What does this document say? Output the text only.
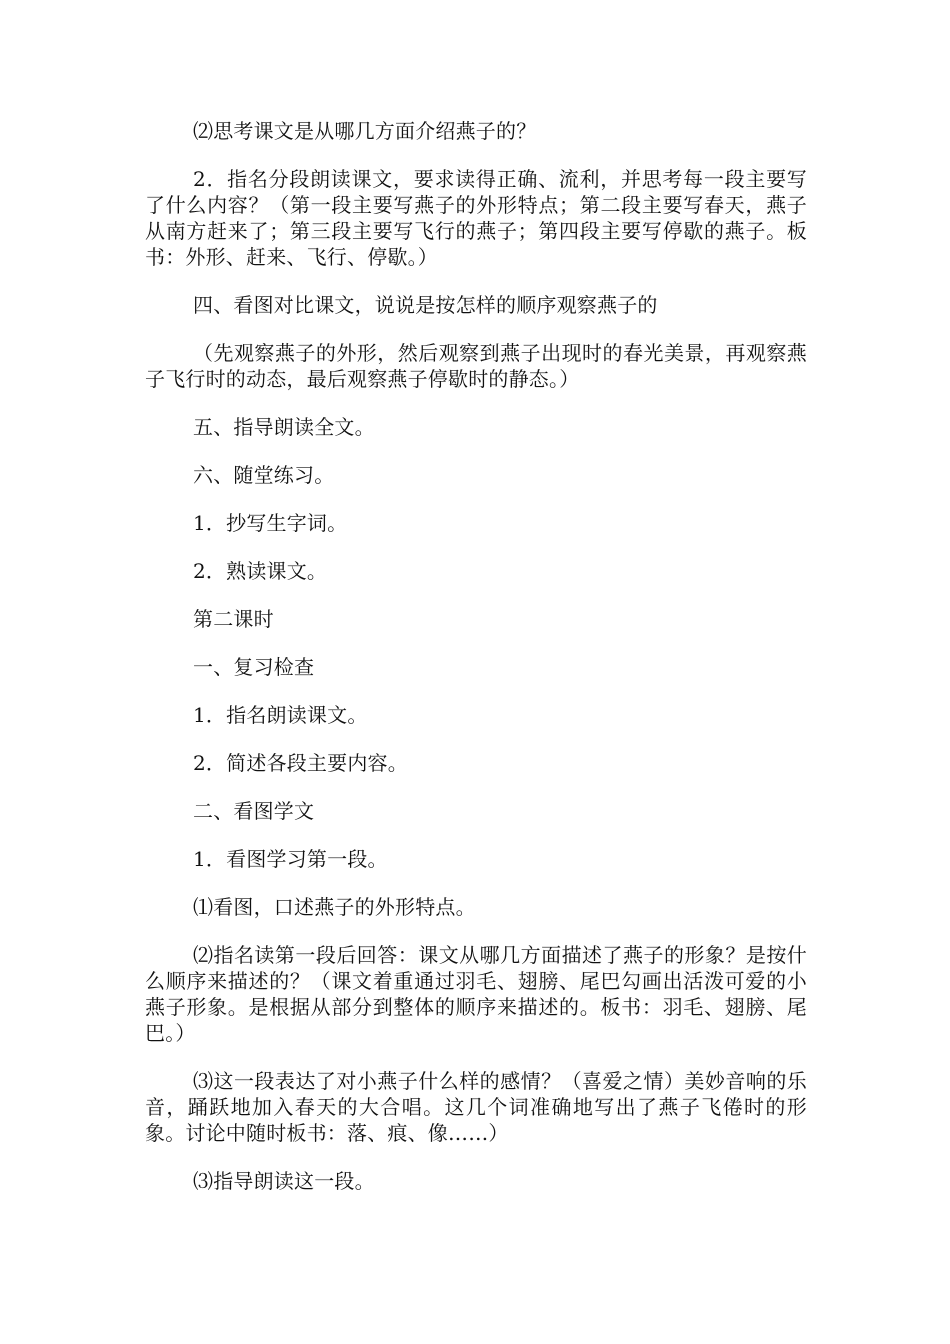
⑵思考课文是从哪几方面介绍燕子的？

2．指名分段朗读课文，要求读得正确、流利，并思考每一段主要写了什么内容？（第一段主要写燕子的外形特点；第二段主要写春天，燕子从南方赶来了；第三段主要写飞行的燕子；第四段主要写停歇的燕子。板书：外形、赶来、飞行、停歇。）

四、看图对比课文，说说是按怎样的顺序观察燕子的

（先观察燕子的外形，然后观察到燕子出现时的春光美景，再观察燕子飞行时的动态，最后观察燕子停歇时的静态。）

五、指导朗读全文。

六、随堂练习。

1．抄写生字词。

2．熟读课文。

第二课时

一、复习检查

1．指名朗读课文。

2．简述各段主要内容。

二、看图学文

1．看图学习第一段。

⑴看图，口述燕子的外形特点。

⑵指名读第一段后回答：课文从哪几方面描述了燕子的形象？是按什么顺序来描述的？（课文着重通过羽毛、翅膀、尾巴勾画出活泼可爱的小燕子形象。是根据从部分到整体的顺序来描述的。板书：羽毛、翅膀、尾巴。）

⑶这一段表达了对小燕子什么样的感情？（喜爱之情）美妙音响的乐音，踊跃地加入春天的大合唱。这几个词准确地写出了燕子飞倦时的形象。讨论中随时板书：落、痕、像……）

⑶指导朗读这一段。
